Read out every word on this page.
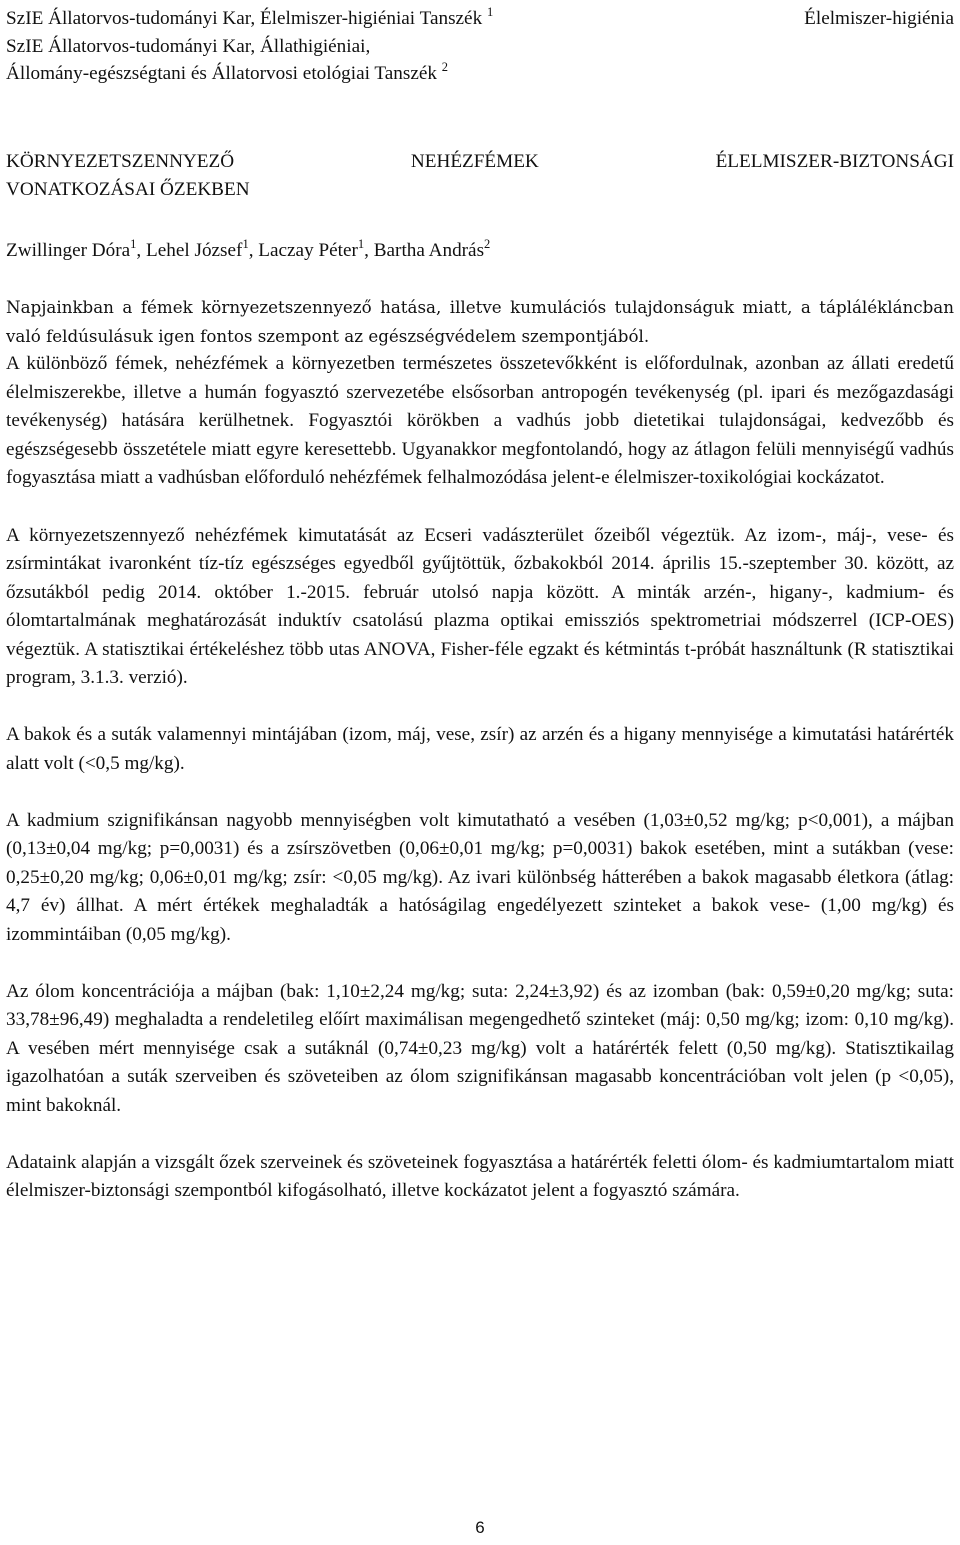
SzIE Állatorvos-tudományi Kar, Élelmiszer-higiéniai Tanszék $^1$
SzIE Állatorvos-tudományi Kar, Állathigiéniai,
Állomány-egészségtani és Állatorvosi etológiai Tanszék $^2$
Élelmiszer-higiénia
KÖRNYEZETSZENNYEZŐ NEHÉZFÉMEK ÉLELMISZER-BIZTONSÁGI
VONATKOZÁSAI ŐZEKBEN
Zwillinger Dóra$^1$, Lehel József$^1$, Laczay Péter$^1$, Bartha András$^2$

Napjainkban a fémek környezetszennyező hatása, illetve kumulációs tulajdonságuk miatt, a táplálékláncban való feldúsulásuk igen fontos szempont az egészségvédelem szempontjából.

A különböző fémek, nehézfémek a környezetben természetes összetevőkként is előfordulnak, azonban az állati eredetű élelmiszerekbe, illetve a humán fogyasztó szervezetébe elsősorban antropogén tevékenység (pl. ipari és mezőgazdasági tevékenység) hatására kerülhetnek. Fogyasztói körökben a vadhús jobb dietetikai tulajdonságai, kedvezőbb és egészségesebb összetétele miatt egyre keresettebb. Ugyanakkor megfontolandó, hogy az átlagon felüli mennyiségű vadhús fogyasztása miatt a vadhúsban előforduló nehézfémek felhalmozódása jelent-e élelmiszer-toxikológiai kockázatot.

A környezetszennyező nehézfémek kimutatását az Ecseri vadászterület őzeiből végeztük. Az izom-, máj-, vese- és zsírmintákat ivaronként tíz-tíz egészséges egyedből gyűjtöttük, őzbakokból 2014. április 15.-szeptember 30. között, az őzsutákból pedig 2014. október 1.-2015. február utolsó napja között. A minták arzén-, higany-, kadmium- és ólomtartalmának meghatározását induktív csatolású plazma optikai emissziós spektrometriai módszerrel (ICP-OES) végeztük. A statisztikai értékeléshez több utas ANOVA, Fisher-féle egzakt és kétmintás t-próbát használtunk (R statisztikai program, 3.1.3. verzió).

A bakok és a suták valamennyi mintájában (izom, máj, vese, zsír) az arzén és a higany mennyisége a kimutatási határérték alatt volt (<0,5 mg/kg).

A kadmium szignifikánsan nagyobb mennyiségben volt kimutatható a vesében (1,03±0,52 mg/kg; p<0,001), a májban (0,13±0,04 mg/kg; p=0,0031) és a zsírszövetben (0,06±0,01 mg/kg; p=0,0031) bakok esetében, mint a sutákban (vese: 0,25±0,20 mg/kg; 0,06±0,01 mg/kg; zsír: <0,05 mg/kg). Az ivari különbség hátterében a bakok magasabb életkora (átlag: 4,7 év) állhat. A mért értékek meghaladták a hatóságilag engedélyezett szinteket a bakok vese- (1,00 mg/kg) és izommintáiban (0,05 mg/kg).

Az ólom koncentrációja a májban (bak: 1,10±2,24 mg/kg; suta: 2,24±3,92) és az izomban (bak: 0,59±0,20 mg/kg; suta: 33,78±96,49) meghaladta a rendeletileg előírt maximálisan megengedhető szinteket (máj: 0,50 mg/kg; izom: 0,10 mg/kg). A vesében mért mennyisége csak a sutáknál (0,74±0,23 mg/kg) volt a határérték felett (0,50 mg/kg). Statisztikailag igazolhatóan a suták szerveiben és szöveteiben az ólom szignifikánsan magasabb koncentrációban volt jelen (p <0,05), mint bakoknál.

Adataink alapján a vizsgált őzek szerveinek és szöveteinek fogyasztása a határérték feletti ólom- és kadmiumtartalom miatt élelmiszer-biztonsági szempontból kifogásolható, illetve kockázatot jelent a fogyasztó számára.

6
